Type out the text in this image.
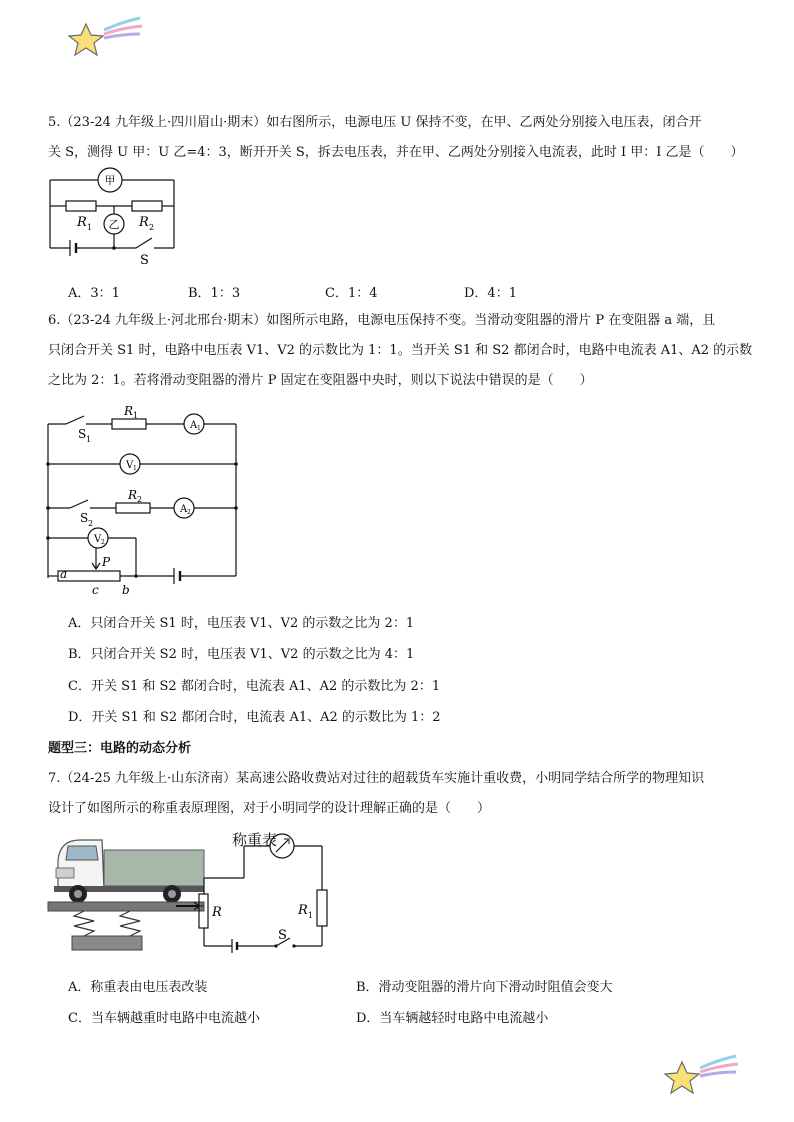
5.（23-24 九年级上·四川眉山·期末）如右图所示，电源电压 U 保持不变，在甲、乙两处分别接入电压表，闭合开
关 S，测得 U 甲：U 乙=4：3，断开开关 S，拆去电压表，并在甲、乙两处分别接入电流表，此时 I 甲：I 乙是（　　）
甲
乙
R 1	R 2
S
A．3：1	B．1：3	C．1：4	D．4：1
6.（23-24 九年级上·河北邢台·期末）如图所示电路，电源电压保持不变。当滑动变阻器的滑片 P 在变阻器 a 端，且
只闭合开关 S1 时，电路中电压表 V1、V2 的示数比为 1：1。当开关 S1 和 S2 都闭合时，电路中电流表 A1、A2 的示数
之比为 2：1。若将滑动变阻器的滑片 P 固定在变阻器中央时，则以下说法中错误的是（　　）
S 1
R 1
A 1
V 1
S 2
R 2
A 2
V 2
P
a
b
c
A．只闭合开关 S1 时，电压表 V1、V2 的示数之比为 2：1
B．只闭合开关 S2 时，电压表 V1、V2 的示数之比为 4：1
C．开关 S1 和 S2 都闭合时，电流表 A1、A2 的示数比为 2：1
D．开关 S1 和 S2 都闭合时，电流表 A1、A2 的示数比为 1：2
题型三：电路的动态分析
7.（24-25 九年级上·山东济南）某高速公路收费站对过往的超载货车实施计重收费，小明同学结合所学的物理知识
设计了如图所示的称重表原理图，对于小明同学的设计理解正确的是（　　）
R	R 1
S
称重表
A．称重表由电压表改装	B．滑动变阻器的滑片向下滑动时阻值会变大
C．当车辆越重时电路中电流越小	D．当车辆越轻时电路中电流越小
